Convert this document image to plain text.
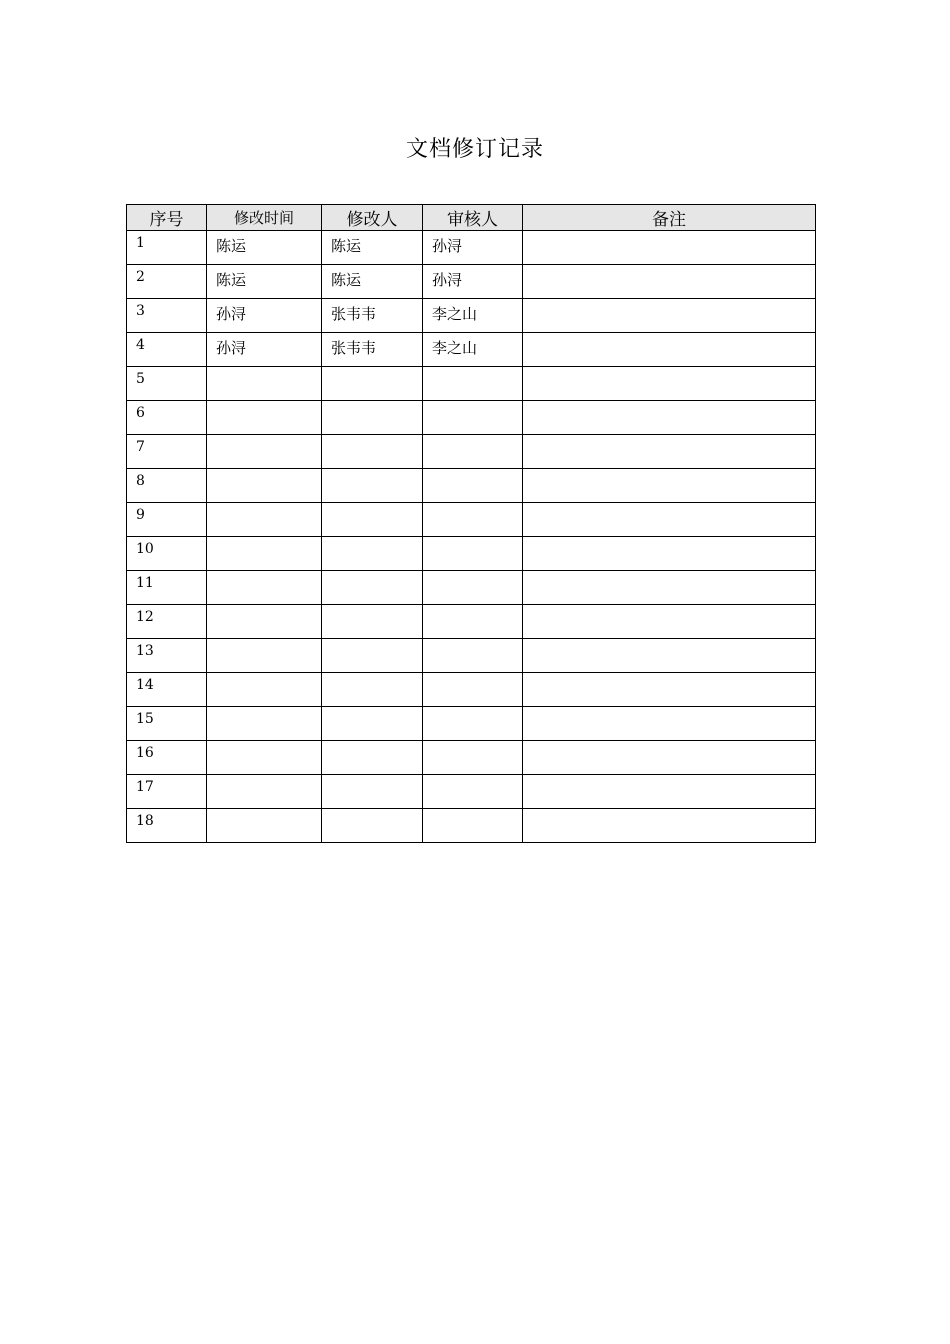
文档修订记录
序号	修改时间	修改人	审核人	备注
1	陈运	陈运	孙浔	
2	陈运	陈运	孙浔	
3	孙浔	张韦韦	李之山	
4	孙浔	张韦韦	李之山	
5				
6				
7				
8				
9				
10				
11				
12				
13				
14				
15				
16				
17				
18				
